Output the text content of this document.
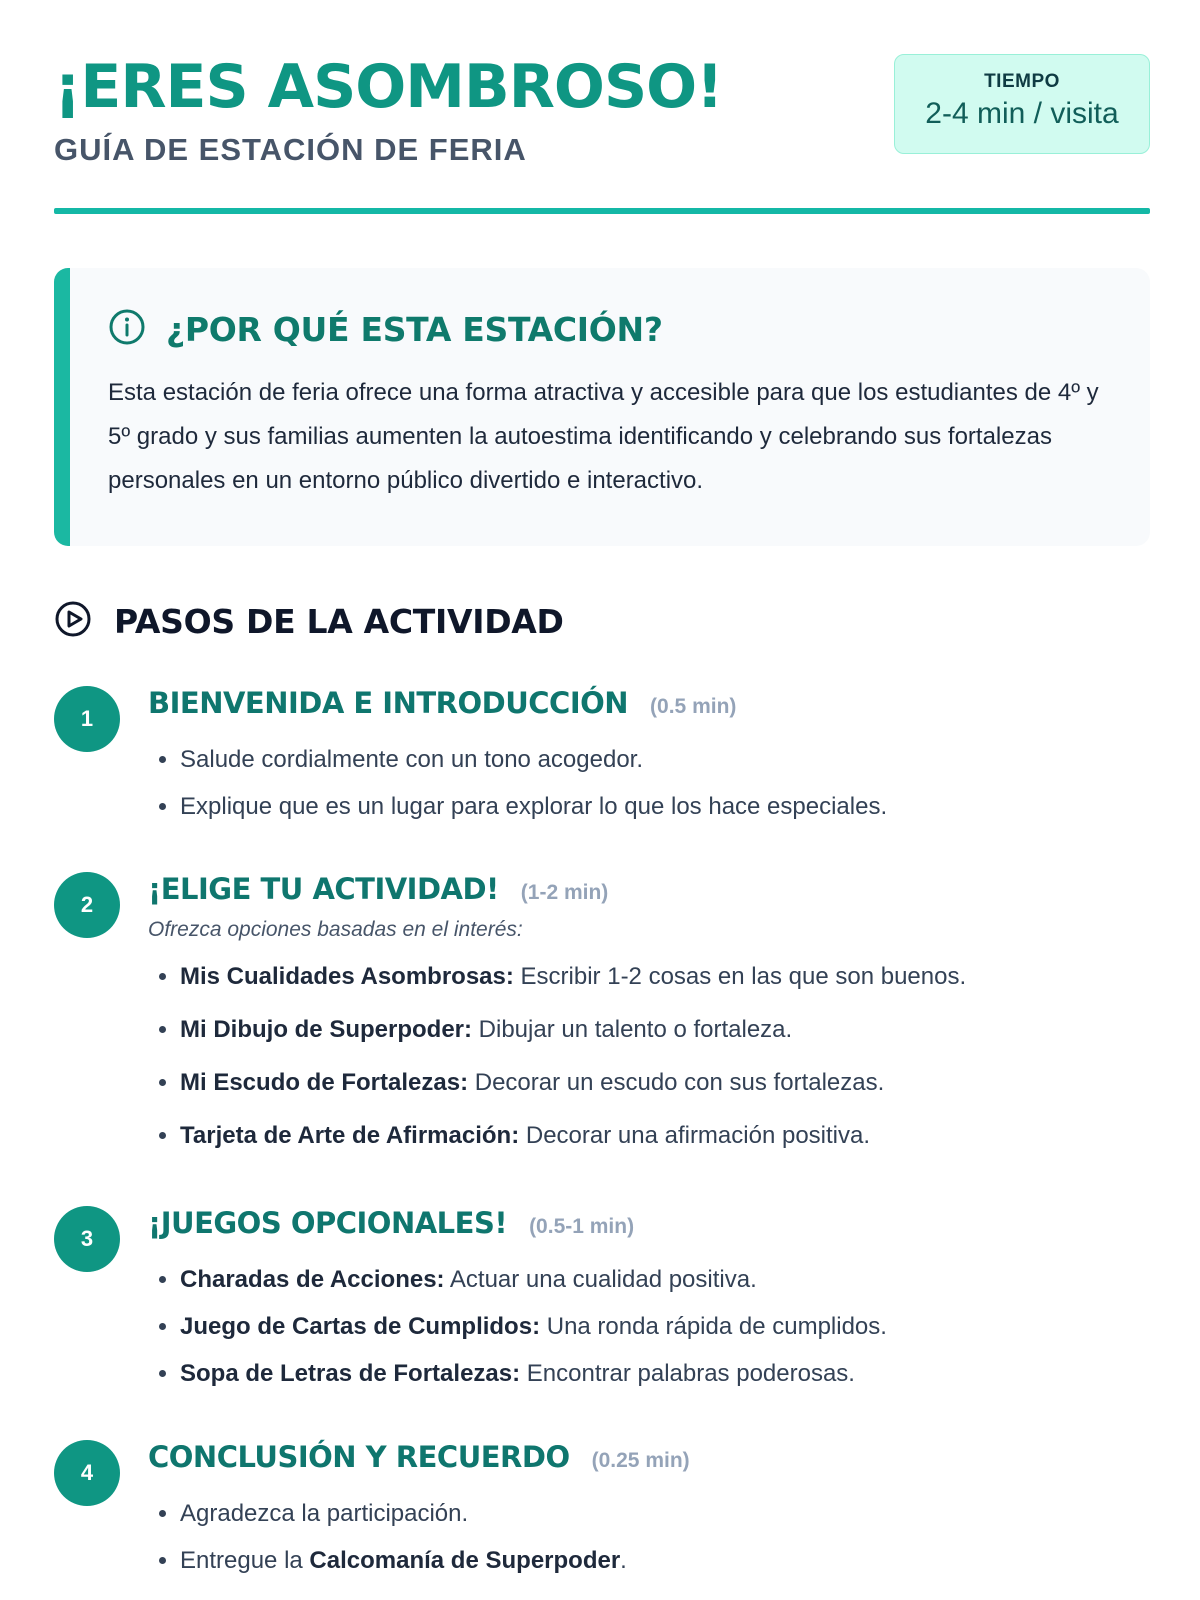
¡ERES ASOMBROSO!
GUÍA DE ESTACIÓN DE FERIA
TIEMPO
2-4 min / visita
¿POR QUÉ ESTA ESTACIÓN?
Esta estación de feria ofrece una forma atractiva y accesible para que los estudiantes de 4º y 5º grado y sus familias aumenten la autoestima identificando y celebrando sus fortalezas personales en un entorno público divertido e interactivo.
PASOS DE LA ACTIVIDAD
1	BIENVENIDA E INTRODUCCIÓN (0.5 min)
• Salude cordialmente con un tono acogedor.
• Explique que es un lugar para explorar lo que los hace especiales.
2	¡ELIGE TU ACTIVIDAD! (1-2 min)
Ofrezca opciones basadas en el interés:
• Mis Cualidades Asombrosas: Escribir 1-2 cosas en las que son buenos.
• Mi Dibujo de Superpoder: Dibujar un talento o fortaleza.
• Mi Escudo de Fortalezas: Decorar un escudo con sus fortalezas.
• Tarjeta de Arte de Afirmación: Decorar una afirmación positiva.
3	¡JUEGOS OPCIONALES! (0.5-1 min)
• Charadas de Acciones: Actuar una cualidad positiva.
• Juego de Cartas de Cumplidos: Una ronda rápida de cumplidos.
• Sopa de Letras de Fortalezas: Encontrar palabras poderosas.
4	CONCLUSIÓN Y RECUERDO (0.25 min)
• Agradezca la participación.
• Entregue la Calcomanía de Superpoder.
